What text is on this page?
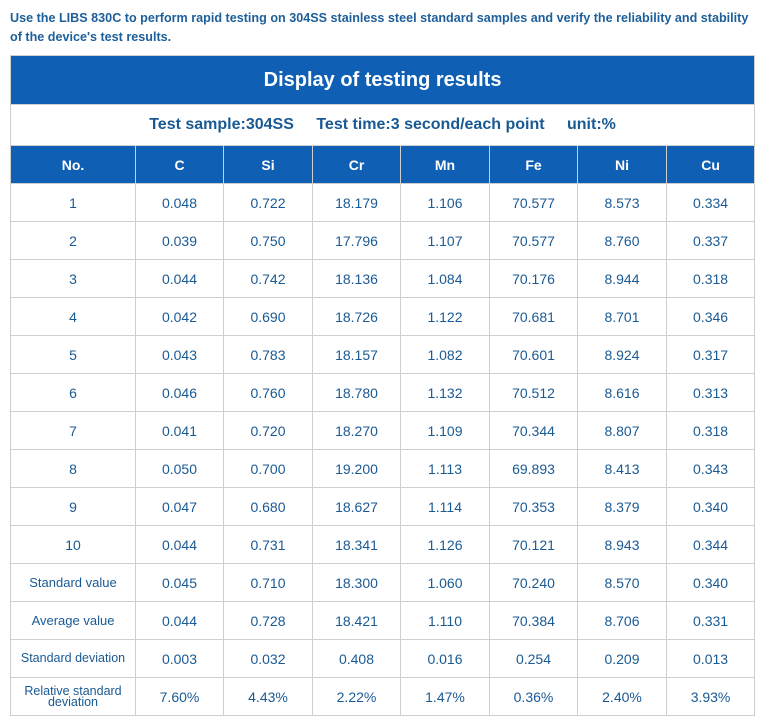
Use the LIBS 830C to perform rapid testing on 304SS stainless steel standard samples and verify the reliability and stability of the device's test results.
Display of testing results							
Test sample:304SS Test time:3 second/each point unit:%							
No.	C	Si	Cr	Mn	Fe	Ni	Cu
1	0.048	0.722	18.179	1.106	70.577	8.573	0.334
2	0.039	0.750	17.796	1.107	70.577	8.760	0.337
3	0.044	0.742	18.136	1.084	70.176	8.944	0.318
4	0.042	0.690	18.726	1.122	70.681	8.701	0.346
5	0.043	0.783	18.157	1.082	70.601	8.924	0.317
6	0.046	0.760	18.780	1.132	70.512	8.616	0.313
7	0.041	0.720	18.270	1.109	70.344	8.807	0.318
8	0.050	0.700	19.200	1.113	69.893	8.413	0.343
9	0.047	0.680	18.627	1.114	70.353	8.379	0.340
10	0.044	0.731	18.341	1.126	70.121	8.943	0.344
Standard value	0.045	0.710	18.300	1.060	70.240	8.570	0.340
Average value	0.044	0.728	18.421	1.110	70.384	8.706	0.331
Standard deviation	0.003	0.032	0.408	0.016	0.254	0.209	0.013
Relative standard deviation	7.60%	4.43%	2.22%	1.47%	0.36%	2.40%	3.93%
